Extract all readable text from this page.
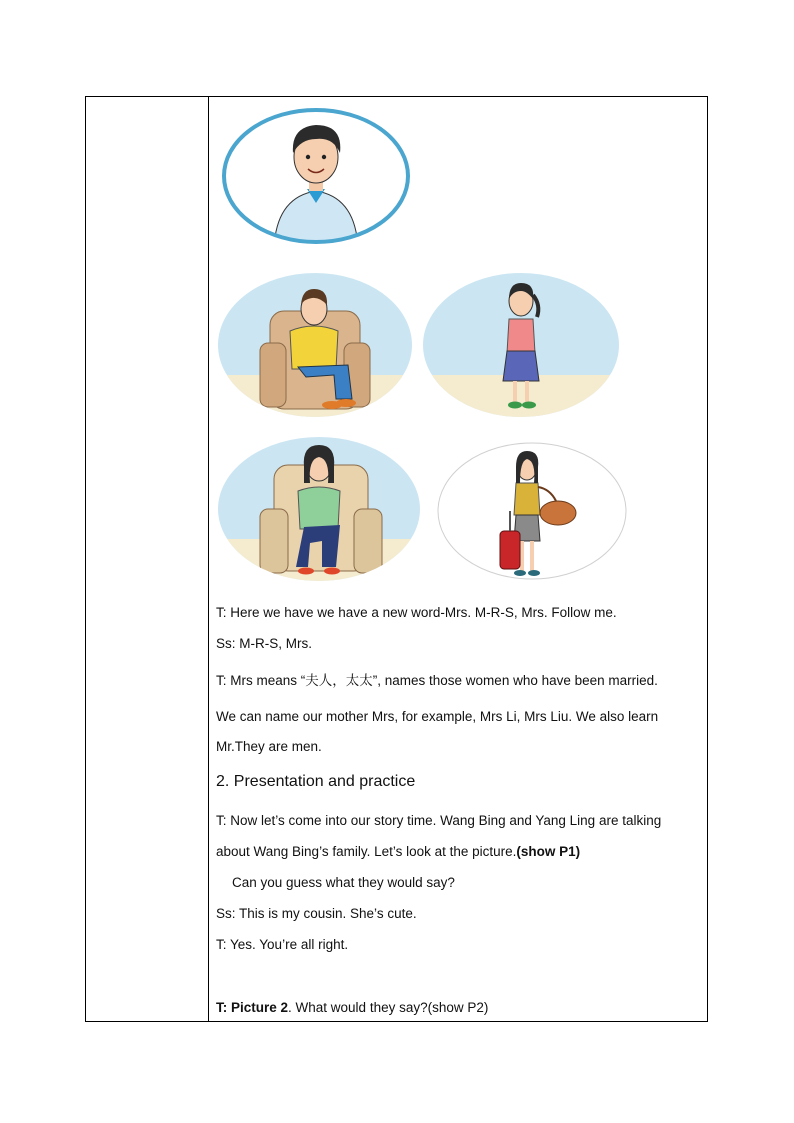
T: Here we have we have a new word-Mrs. M-R-S, Mrs. Follow me.
Ss: M-R-S, Mrs.
T: Mrs means “夫人，太太”, names those women who have been married.
We can name our mother Mrs, for example, Mrs Li, Mrs Liu. We also learn
Mr.They are men.
2. Presentation and practice
T: Now let’s come into our story time. Wang Bing and Yang Ling are talking
about Wang Bing’s family. Let’s look at the picture.(show P1)
Can you guess what they would say?
Ss: This is my cousin. She’s cute.
T: Yes. You’re all right.
T: Picture 2. What would they say?(show P2)
